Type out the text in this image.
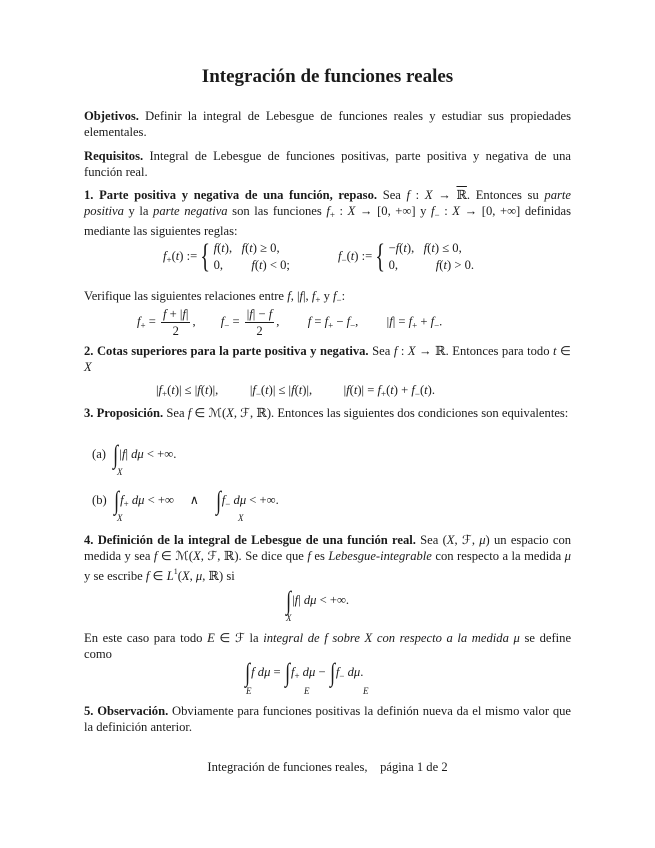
Integración de funciones reales
Objetivos. Definir la integral de Lebesgue de funciones reales y estudiar sus propiedades elementales.
Requisitos. Integral de Lebesgue de funciones positivas, parte positiva y negativa de una función real.
1. Parte positiva y negativa de una función, repaso. Sea f : X → ℝ. Entonces su parte positiva y la parte negativa son las funciones $f_+$ : X → [0, +∞] y $f_-$ : X → [0, +∞] definidas mediante las siguientes reglas:
$f_+(t)$ :={ f(t),   f(t) ≥ 0,
0,         f(t) < 0;
$f_-(t)$ :={ −f(t),   f(t) ≤ 0,
0,            f(t) > 0.
Verifique las siguientes relaciones entre f, |f|, $f_+$ y $f_-$:
$f_+ = \frac{f + |f|}{2}$ ,        $f_- = \frac{|f| - f}{2}$ ,         $f = f_+ - f_-$,         $|f| = f_+ + f_-$.
2. Cotas superiores para la parte positiva y negativa. Sea f : X → ℝ. Entonces para todo t ∈ X
$|f_+(t)| \le |f(t)|$,          $|f_-(t)| \le |f(t)|$,          $|f(t)| = f_+(t) + f_-(t)$.
3. Proposición. Sea f ∈ ℳ(X, ℱ, ℝ). Entonces las siguientes dos condiciones son equivalentes:
(a) ∫|f| dμ < +∞.
X
(b) $\int f_+$ dμ < +∞     ∧     $\int f_-$ dμ < +∞.
X	X
4. Definición de la integral de Lebesgue de una función real. Sea (X, ℱ, μ) un espacio con medida y sea f ∈ ℳ(X, ℱ, ℝ). Se dice que f es Lebesgue-integrable con respecto a la medida μ y se escribe f ∈ $L^1(X$, μ, ℝ) si
∫|f| dμ < +∞.
X
En este caso para todo E ∈ ℱ la integral de f sobre X con respecto a la medida μ se define como
∫f $d\mu = \int f_+$ $d\mu - \int f_-$ dμ.
E	E	E
5. Observación. Obviamente para funciones positivas la definión nueva da el mismo valor que la definición anterior.
Integración de funciones reales,    página 1 de 2
